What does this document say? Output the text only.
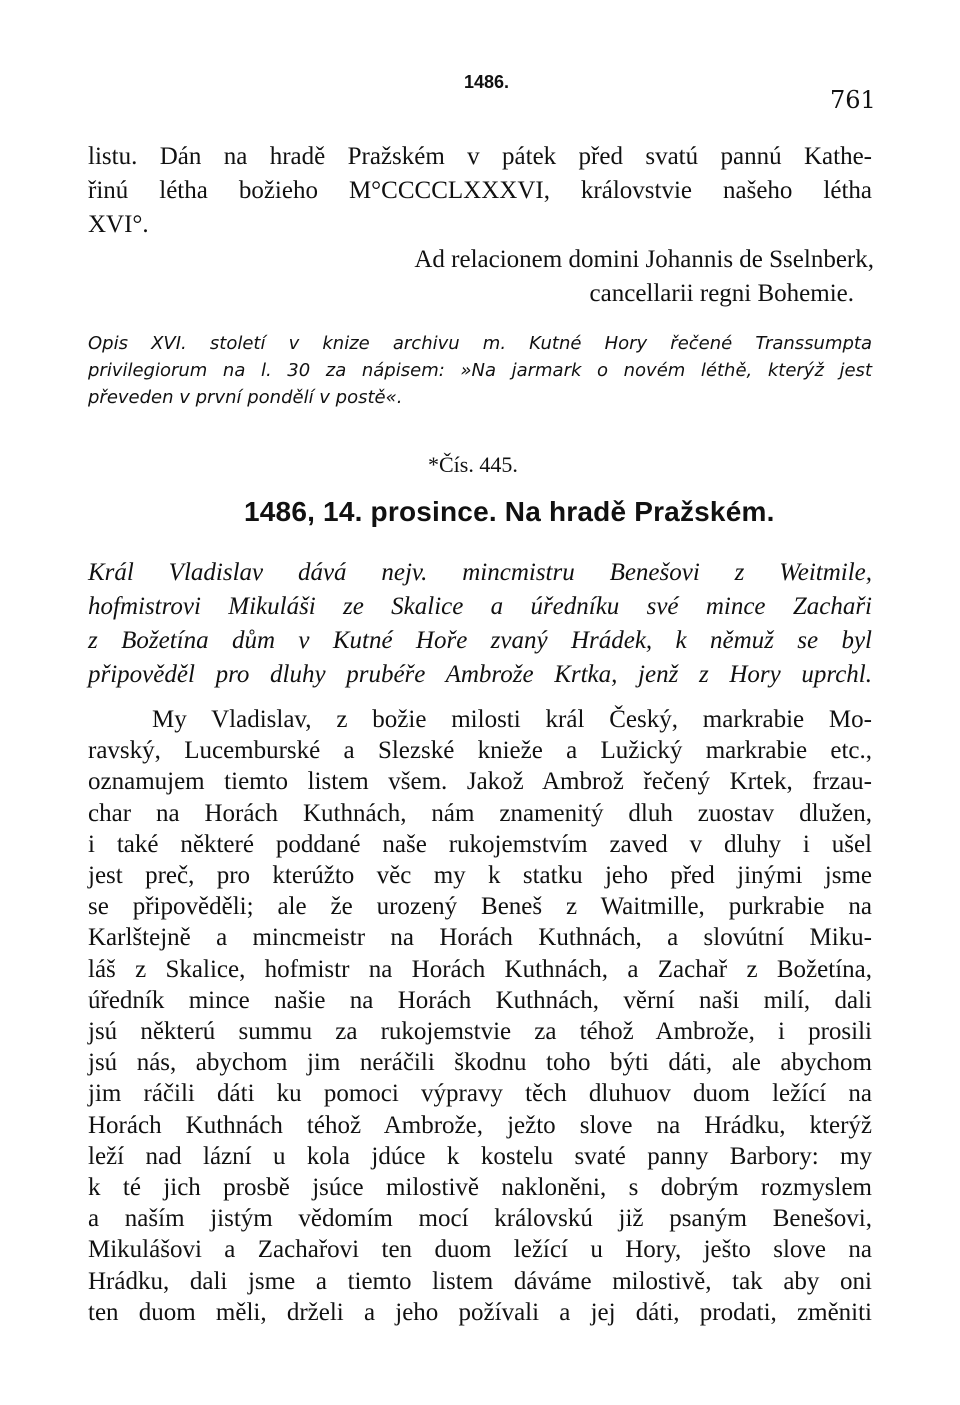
1486.
761
listu. Dán na hradě Pražském v pátek před svatú pannú Kathe-
řinú létha božieho M°CCCCLXXXVI, královstvie našeho létha
XVI°.
Ad relacionem domini Johannis de Sselnberk,
cancellarii regni Bohemie.
Opis XVI. století v knize archivu m. Kutné Hory řečené Transsumpta
privilegiorum na l. 30 za nápisem: »Na jarmark o novém léthě, kterýž jest
převeden v první pondělí v postě«.
*Čís. 445.
1486, 14. prosince. Na hradě Pražském.
Král Vladislav dává nejv. mincmistru Benešovi z Weitmile,
hofmistrovi Mikuláši ze Skalice a úředníku své mince Zachaři
z Božetína dům v Kutné Hoře zvaný Hrádek, k němuž se byl
připověděl pro dluhy prubéře Ambrože Krtka, jenž z Hory uprchl.
My Vladislav, z božie milosti král Český, markrabie Mo-
ravský, Lucemburské a Slezské knieže a Lužický markrabie etc.,
oznamujem tiemto listem všem. Jakož Ambrož řečený Krtek, frzau-
char na Horách Kuthnách, nám znamenitý dluh zuostav dlužen,
i také některé poddané naše rukojemstvím zaved v dluhy i ušel
jest preč, pro kterúžto věc my k statku jeho před jinými jsme
se připověděli; ale že urozený Beneš z Waitmille, purkrabie na
Karlštejně a mincmeistr na Horách Kuthnách, a slovútní Miku-
láš z Skalice, hofmistr na Horách Kuthnách, a Zachař z Božetína,
úředník mince našie na Horách Kuthnách, věrní naši milí, dali
jsú některú summu za rukojemstvie za téhož Ambrože, i prosili
jsú nás, abychom jim neráčili škodnu toho býti dáti, ale abychom
jim ráčili dáti ku pomoci výpravy těch dluhuov duom ležící na
Horách Kuthnách téhož Ambrože, ježto slove na Hrádku, kterýž
leží nad lázní u kola jdúce k kostelu svaté panny Barbory: my
k té jich prosbě jsúce milostivě nakloněni, s dobrým rozmyslem
a naším jistým vědomím mocí královskú již psaným Benešovi,
Mikulášovi a Zachařovi ten duom ležící u Hory, ješto slove na
Hrádku, dali jsme a tiemto listem dáváme milostivě, tak aby oni
ten duom měli, drželi a jeho požívali a jej dáti, prodati, změniti
